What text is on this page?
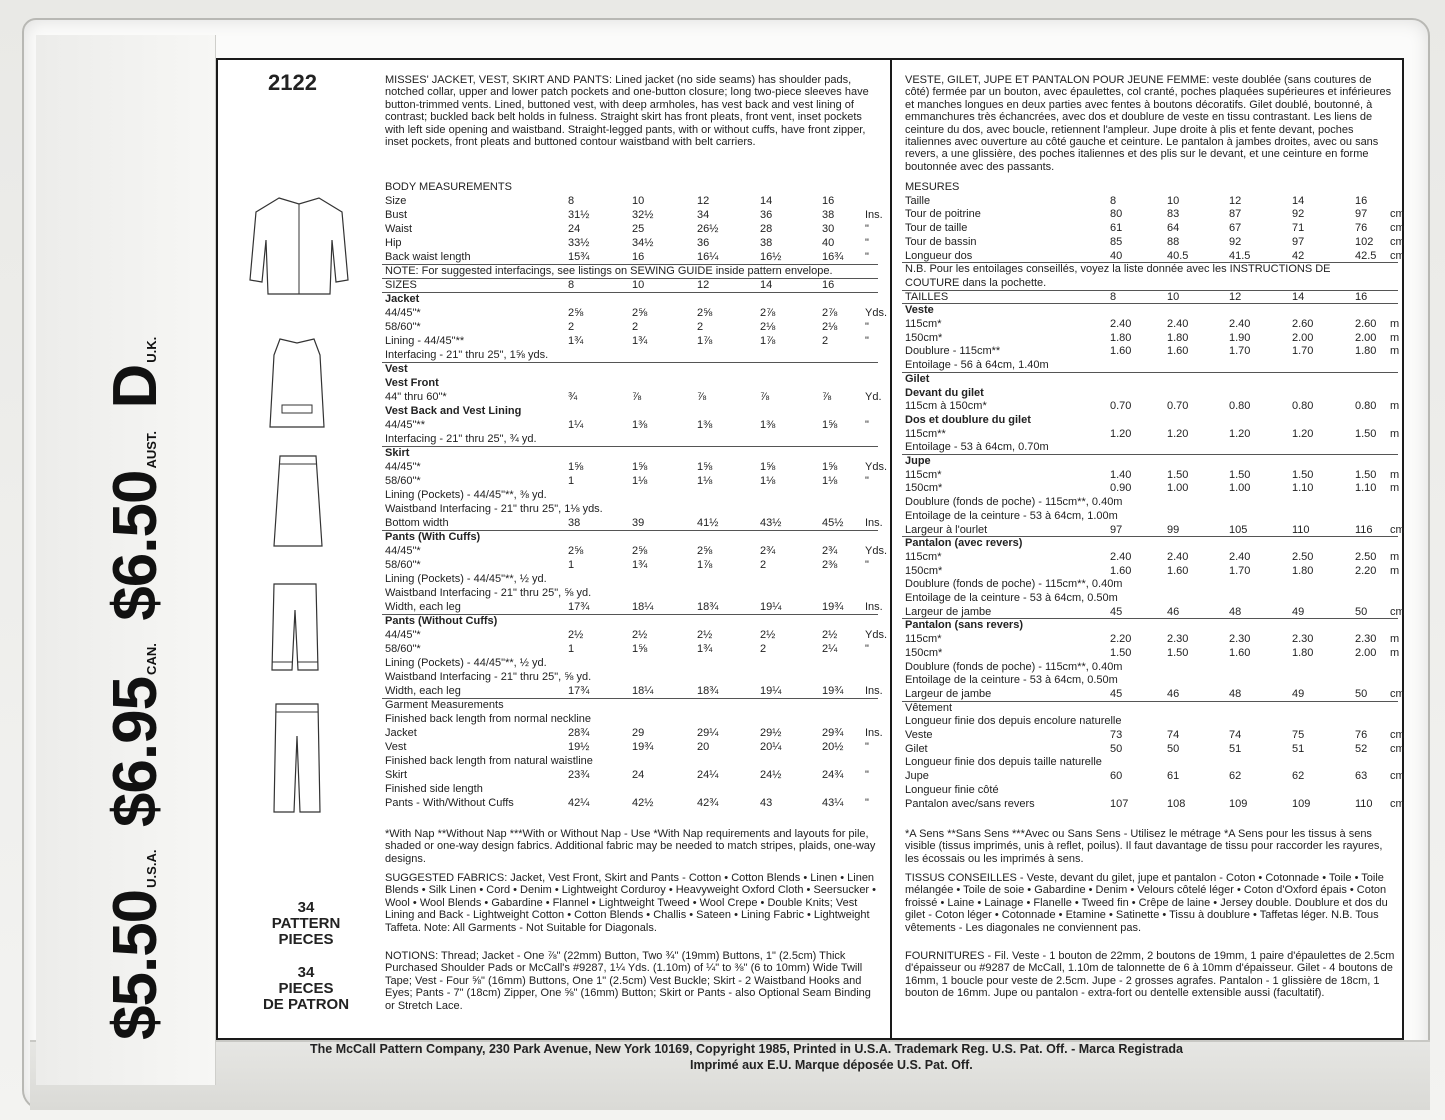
2122	MISSES' JACKET, VEST, SKIRT AND PANTS: Lined jacket (no side seams) has shoulder pads, notched collar, upper and lower patch pockets and one-button closure; long two-piece sleeves have button-trimmed vents. Lined, buttoned vest, with deep armholes, has vest back and vest lining of contrast; buckled back belt holds in fulness. Straight skirt has front pleats, front vent, inset pockets with left side opening and waistband. Straight-legged pants, with or without cuffs, have front zipper, inset pockets, front pleats and buttoned contour waistband with belt carriers.
VESTE, GILET, JUPE ET PANTALON POUR JEUNE FEMME: veste doublée (sans coutures de côté) fermée par un bouton, avec épaulettes, col cranté, poches plaquées supérieures et inférieures et manches longues en deux parties avec fentes à boutons décoratifs. Gilet doublé, boutonné, à emmanchures très échancrées, avec dos et doublure de veste en tissu contrastant. Les liens de ceinture du dos, avec boucle, retiennent l'ampleur. Jupe droite à plis et fente devant, poches italiennes avec ouverture au côté gauche et ceinture. Le pantalon à jambes droites, avec ou sans revers, a une glissière, des poches italiennes et des plis sur le devant, et une ceinture en forme boutonnée avec des passants.
BODY MEASUREMENTS
Size	8	10	12	14	16
Bust	31½	32½	34	36	38	Ins.
Waist	24	25	26½	28	30	"
Hip	33½	34½	36	38	40	"
Back waist length	15¾	16	16¼	16½	16¾ "
NOTE: For suggested interfacings, see listings on SEWING GUIDE inside pattern envelope.
SIZES	8	10	12	14	16
Jacket
44/45"*	2⅝	2⅝	2⅝	2⅞	2⅞	Yds.
58/60"*	2	2	2	2⅛	2⅛	"
Lining - 44/45"**	1¾	1¾	1⅞	1⅞	2	"
Interfacing - 21" thru 25", 1⅝ yds.
Vest
Vest Front
44" thru 60"*	¾	⅞	⅞	⅞	⅞	Yd.
Vest Back and Vest Lining
44/45"**	1¼	1⅜	1⅜	1⅜	1⅝	"
Interfacing - 21" thru 25", ¾ yd.
Skirt
44/45"*	1⅝	1⅝	1⅝	1⅝	1⅝	Yds.
58/60"*	1	1⅛	1⅛	1⅛	1⅛	"
Lining (Pockets) - 44/45"**, ⅜ yd.
Waistband Interfacing - 21" thru 25", 1⅛ yds.
Bottom width	38	39	41½	43½	45½ Ins.
Pants (With Cuffs)
44/45"*	2⅝	2⅝	2⅝	2¾	2¾	Yds.
58/60"*	1	1¾	1⅞	2	2⅜	"
Lining (Pockets) - 44/45"**, ½ yd.
Waistband Interfacing - 21" thru 25", ⅝ yd.
Width, each leg	17¾	18¼	18¾	19¼	19¾ Ins.
Pants (Without Cuffs)
44/45"*	2½	2½	2½	2½	2½	Yds.
58/60"*	1	1⅝	1¾	2	2¼	"
Lining (Pockets) - 44/45"**, ½ yd.
Waistband Interfacing - 21" thru 25", ⅝ yd.
Width, each leg	17¾	18¼	18¾	19¼	19¾ Ins.
Garment Measurements
Finished back length from normal neckline
Jacket	28¾	29	29¼	29½	29¾ Ins.
Vest	19½	19¾	20	20¼	20½ "
Finished back length from natural waistline
Skirt	23¾	24	24¼	24½	24¾ "
Finished side length
Pants - With/Without Cuffs	42¼	42½	42¾	43	43¼ "
MESURES
Taille	8	10	12	14	16
Tour de poitrine	80	83	87	92	97 cm
Tour de taille	61	64	67	71	76 cm
Tour de bassin	85	88	92	97	102 cm
Longueur dos	40	40.5	41.5	42	42.5 cm
N.B. Pour les entoilages conseillés, voyez la liste donnée avec les INSTRUCTIONS DE
COUTURE dans la pochette.
TAILLES	8	10	12	14	16
Veste
115cm*	2.40	2.40	2.40	2.60	2.60 m
150cm*	1.80	1.80	1.90	2.00	2.00 m
Doublure - 115cm**	1.60	1.60	1.70	1.70	1.80 m
Entoilage - 56 à 64cm, 1.40m
Gilet
Devant du gilet
115cm à 150cm*	0.70	0.70	0.80	0.80	0.80 m
Dos et doublure du gilet
115cm**	1.20	1.20	1.20	1.20	1.50 m
Entoilage - 53 à 64cm, 0.70m
Jupe
115cm*	1.40	1.50	1.50	1.50	1.50 m
150cm*	0.90	1.00	1.00	1.10	1.10 m
Doublure (fonds de poche) - 115cm**, 0.40m
Entoilage de la ceinture - 53 à 64cm, 1.00m
Largeur à l'ourlet	97	99	105	110	116 cm
Pantalon (avec revers)
115cm*	2.40	2.40	2.40	2.50	2.50 m
150cm*	1.60	1.60	1.70	1.80	2.20 m
Doublure (fonds de poche) - 115cm**, 0.40m
Entoilage de la ceinture - 53 à 64cm, 0.50m
Largeur de jambe	45	46	48	49	50 cm
Pantalon (sans revers)
115cm*	2.20	2.30	2.30	2.30	2.30 m
150cm*	1.50	1.50	1.60	1.80	2.00 m
Doublure (fonds de poche) - 115cm**, 0.40m
Entoilage de la ceinture - 53 à 64cm, 0.50m
Largeur de jambe	45	46	48	49	50 cm
Vêtement
Longueur finie dos depuis encolure naturelle
Veste	73	74	74	75	76 cm
Gilet	50	50	51	51	52 cm
Longueur finie dos depuis taille naturelle
Jupe	60	61	62	62	63 cm
Longueur finie côté
Pantalon avec/sans revers	107	108	109	109	110 cm
*With Nap **Without Nap ***With or Without Nap - Use *With Nap requirements and layouts for pile, shaded or one-way design fabrics. Additional fabric may be needed to match stripes, plaids, one-way designs.
*A Sens **Sans Sens ***Avec ou Sans Sens - Utilisez le métrage *A Sens pour les tissus à sens visible (tissus imprimés, unis à reflet, poilus). Il faut davantage de tissu pour raccorder les rayures, les écossais ou les imprimés à sens.
SUGGESTED FABRICS: Jacket, Vest Front, Skirt and Pants - Cotton • Cotton Blends • Linen • Linen Blends • Silk Linen • Cord • Denim • Lightweight Corduroy • Heavyweight Oxford Cloth • Seersucker • Wool • Wool Blends • Gabardine • Flannel • Lightweight Tweed • Wool Crepe • Double Knits; Vest Lining and Back - Lightweight Cotton • Cotton Blends • Challis • Sateen • Lining Fabric • Lightweight Taffeta. Note: All Garments - Not Suitable for Diagonals.
TISSUS CONSEILLES - Veste, devant du gilet, jupe et pantalon - Coton • Cotonnade • Toile • Toile mélangée • Toile de soie • Gabardine • Denim • Velours côtelé léger • Coton d'Oxford épais • Coton froissé • Laine • Lainage • Flanelle • Tweed fin • Crêpe de laine • Jersey double. Doublure et dos du gilet - Coton léger • Cotonnade • Etamine • Satinette • Tissu à doublure • Taffetas léger. N.B. Tous vêtements - Les diagonales ne conviennent pas.
NOTIONS: Thread; Jacket - One ⅞" (22mm) Button, Two ¾" (19mm) Buttons, 1" (2.5cm) Thick Purchased Shoulder Pads or McCall's #9287, 1¼ Yds. (1.10m) of ¼" to ⅜" (6 to 10mm) Wide Twill Tape; Vest - Four ⅝" (16mm) Buttons, One 1" (2.5cm) Vest Buckle; Skirt - 2 Waistband Hooks and Eyes; Pants - 7" (18cm) Zipper, One ⅝" (16mm) Button; Skirt or Pants - also Optional Seam Binding or Stretch Lace.
FOURNITURES - Fil. Veste - 1 bouton de 22mm, 2 boutons de 19mm, 1 paire d'épaulettes de 2.5cm d'épaisseur ou #9287 de McCall, 1.10m de talonnette de 6 à 10mm d'épaisseur. Gilet - 4 boutons de 16mm, 1 boucle pour veste de 2.5cm. Jupe - 2 grosses agrafes. Pantalon - 1 glissière de 18cm, 1 bouton de 16mm. Jupe ou pantalon - extra-fort ou dentelle extensible aussi (facultatif).
34
PATTERN
PIECES
34
PIECES
DE PATRON
$5.50U.S.A. $6.95CAN. $6.50AUST. DU.K.
The McCall Pattern Company, 230 Park Avenue, New York 10169, Copyright 1985, Printed in U.S.A. Trademark Reg. U.S. Pat. Off. - Marca Registrada
Imprimé aux E.U. Marque déposée U.S. Pat. Off.
